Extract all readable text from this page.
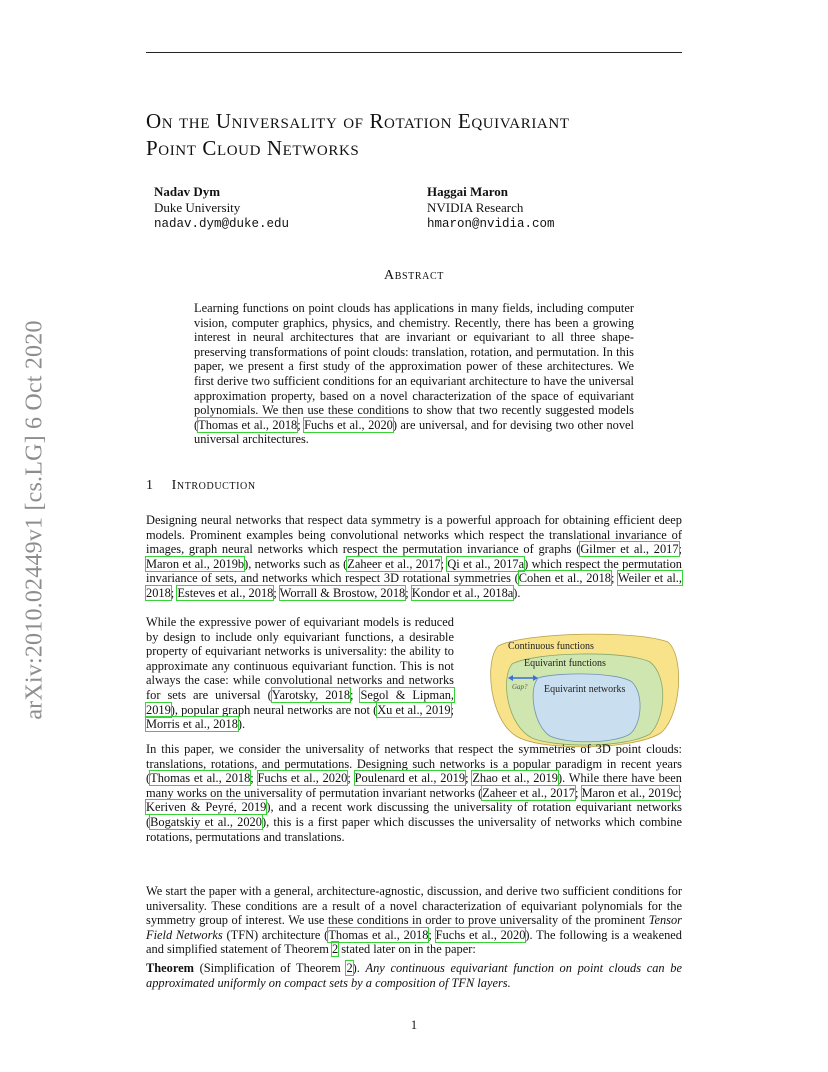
arXiv:2010.02449v1 [cs.LG] 6 Oct 2020
On the Universality of Rotation Equivariant
Point Cloud Networks
Nadav Dym
Duke University
nadav.dym@duke.edu
Haggai Maron
NVIDIA Research
hmaron@nvidia.com
Abstract
Learning functions on point clouds has applications in many fields, including computer vision, computer graphics, physics, and chemistry. Recently, there has been a growing interest in neural architectures that are invariant or equivariant to all three shape-preserving transformations of point clouds: translation, rotation, and permutation. In this paper, we present a first study of the approximation power of these architectures. We first derive two sufficient conditions for an equivariant architecture to have the universal approximation property, based on a novel characterization of the space of equivariant polynomials. We then use these conditions to show that two recently suggested models (Thomas et al., 2018; Fuchs et al., 2020) are universal, and for devising two other novel universal architectures.
1 Introduction
Designing neural networks that respect data symmetry is a powerful approach for obtaining efficient deep models. Prominent examples being convolutional networks which respect the translational invariance of images, graph neural networks which respect the permutation invariance of graphs (Gilmer et al., 2017; Maron et al., 2019b), networks such as (Zaheer et al., 2017; Qi et al., 2017a) which respect the permutation invariance of sets, and networks which respect 3D rotational symmetries (Cohen et al., 2018; Weiler et al., 2018; Esteves et al., 2018; Worrall & Brostow, 2018; Kondor et al., 2018a).
While the expressive power of equivariant models is reduced by design to include only equivariant functions, a desirable property of equivariant networks is universality: the ability to approximate any continuous equivariant function. This is not always the case: while convolutional networks and networks for sets are universal (Yarotsky, 2018; Segol & Lipman, 2019), popular graph neural networks are not (Xu et al., 2019; Morris et al., 2018).
Continuous functions
Equivarint functions
Gap? Equivarint networks
In this paper, we consider the universality of networks that respect the symmetries of 3D point clouds: translations, rotations, and permutations. Designing such networks is a popular paradigm in recent years (Thomas et al., 2018; Fuchs et al., 2020; Poulenard et al., 2019; Zhao et al., 2019). While there have been many works on the universality of permutation invariant networks (Zaheer et al., 2017; Maron et al., 2019c; Keriven & Peyré, 2019), and a recent work discussing the universality of rotation equivariant networks (Bogatskiy et al., 2020), this is a first paper which discusses the universality of networks which combine rotations, permutations and translations.
We start the paper with a general, architecture-agnostic, discussion, and derive two sufficient conditions for universality. These conditions are a result of a novel characterization of equivariant polynomials for the symmetry group of interest. We use these conditions in order to prove universality of the prominent Tensor Field Networks (TFN) architecture (Thomas et al., 2018; Fuchs et al., 2020). The following is a weakened and simplified statement of Theorem 2 stated later on in the paper:
Theorem (Simplification of Theorem 2). Any continuous equivariant function on point clouds can be approximated uniformly on compact sets by a composition of TFN layers.
1
